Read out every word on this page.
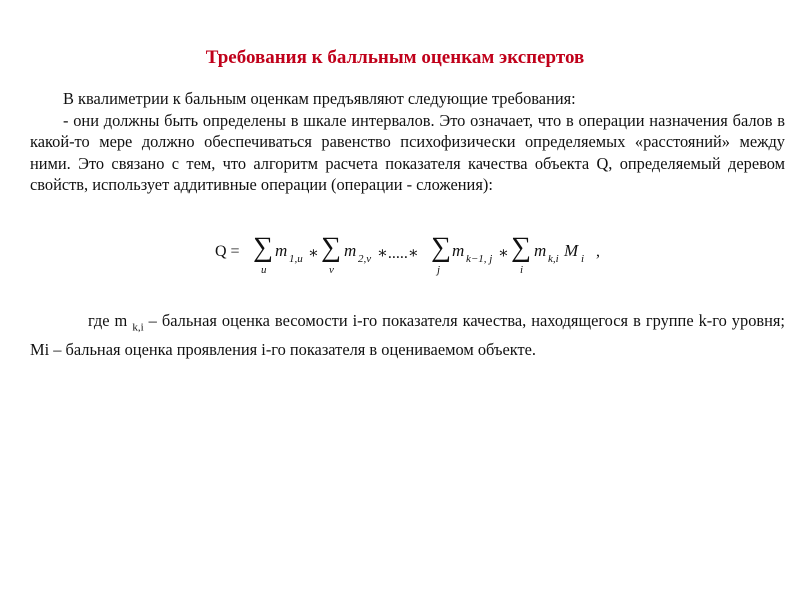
Требования к балльным оценкам экспертов

В квалиметрии к бальным оценкам предъявляют следующие требования:

- они должны быть определены в шкале интервалов. Это означает, что в операции назначения балов в какой-то мере должно обеспечиваться равенство психофизически определяемых «расстояний» между ними. Это связано с тем, что алгоритм расчета показателя качества объекта Q, определяемый деревом свойств, использует аддитивные операции (операции - сложения):

Q = ∑
u
m 1,u ∗ ∑
v
m 2,v ∗.....∗ ∑
j
m k−1, j ∗ ∑
i
m k,i M i ,

где m $_{k,i}$ – бальная оценка весомости i-го показателя качества, находящегося в группе k-го уровня; Mi – бальная оценка проявления i-го показателя в оцениваемом объекте.
